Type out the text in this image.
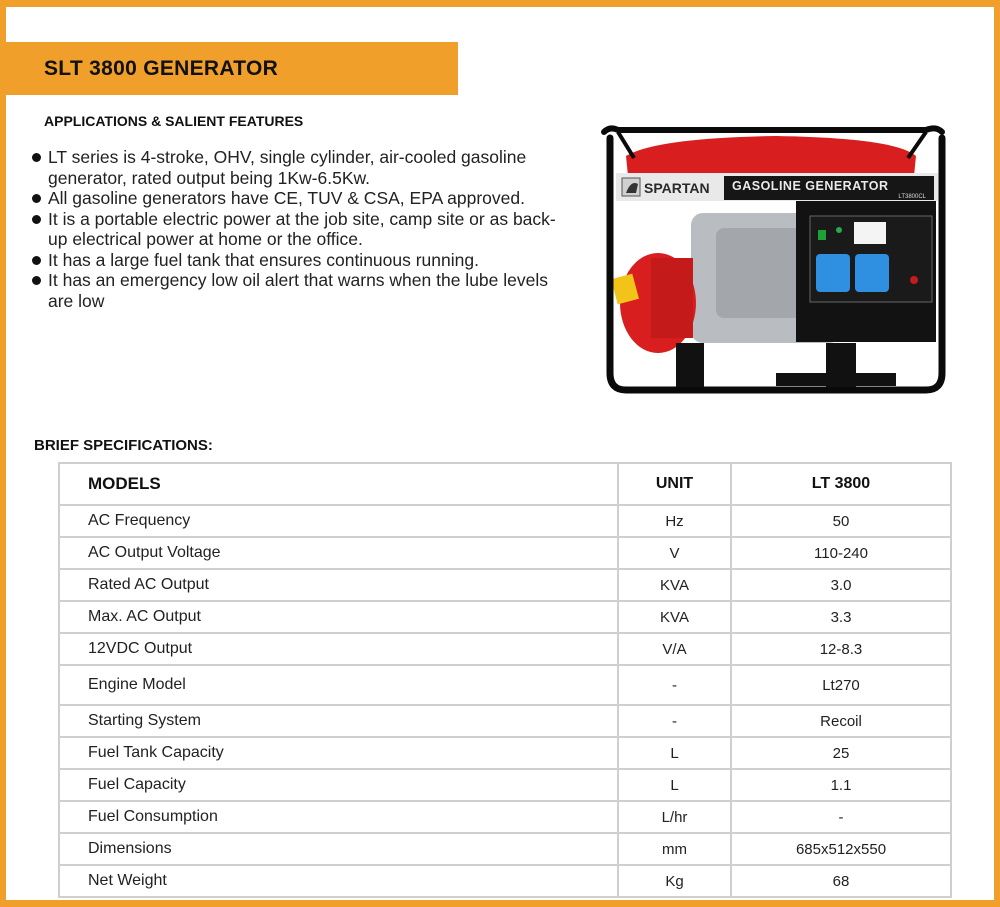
SLT 3800 GENERATOR
APPLICATIONS & SALIENT FEATURES
LT series is 4-stroke, OHV, single cylinder, air-cooled gasoline generator, rated output being 1Kw-6.5Kw.
All gasoline generators have CE, TUV & CSA, EPA approved.
It is a portable electric power at the job site, camp site or as back-up electrical power at home or the office.
It has a large fuel tank that ensures continuous running.
It has an emergency low oil alert that warns when the lube levels are low
SPARTAN GASOLINE GENERATOR
LT3800CL
BRIEF SPECIFICATIONS:
MODELS	UNIT	LT 3800
AC Frequency	Hz	50
AC Output Voltage	V	110-240
Rated AC Output	KVA	3.0
Max. AC Output	KVA	3.3
12VDC Output	V/A	12-8.3
Engine Model	-	Lt270
Starting System	-	Recoil
Fuel Tank Capacity	L	25
Fuel Capacity	L	1.1
Fuel Consumption	L/hr	-
Dimensions	mm	685x512x550
Net Weight	Kg	68
